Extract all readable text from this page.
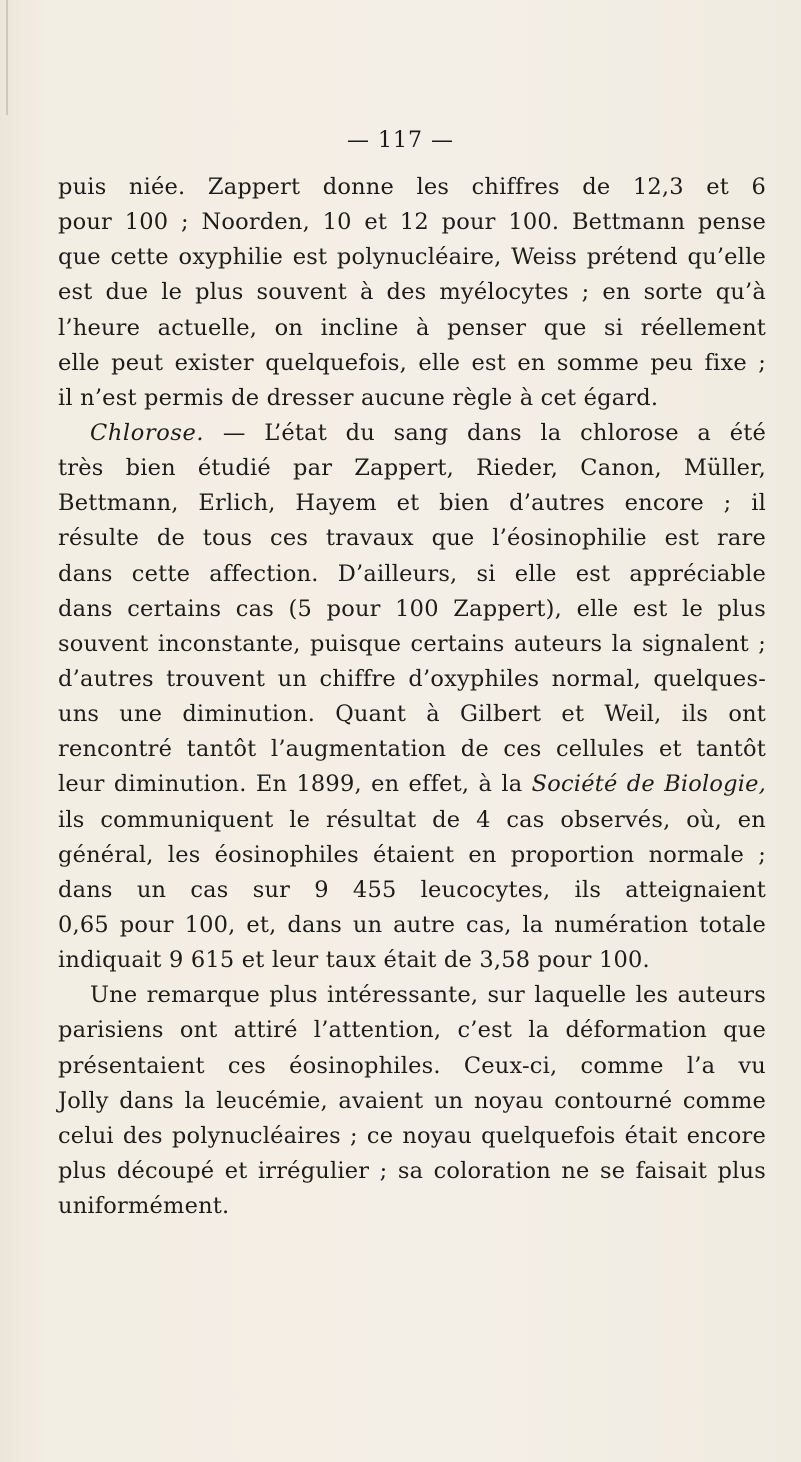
— 117 —
puis niée. Zappert donne les chiffres de 12,3 et 6
pour 100 ; Noorden, 10 et 12 pour 100. Bettmann pense
que cette oxyphilie est polynucléaire, Weiss prétend qu’elle
est due le plus souvent à des myélocytes ; en sorte qu’à
l’heure actuelle, on incline à penser que si réellement
elle peut exister quelquefois, elle est en somme peu fixe ;
il n’est permis de dresser aucune règle à cet égard.
Chlorose. — L’état du sang dans la chlorose a été
très bien étudié par Zappert, Rieder, Canon, Müller,
Bettmann, Erlich, Hayem et bien d’autres encore ; il
résulte de tous ces travaux que l’éosinophilie est rare
dans cette affection. D’ailleurs, si elle est appréciable
dans certains cas (5 pour 100 Zappert), elle est le plus
souvent inconstante, puisque certains auteurs la signalent ;
d’autres trouvent un chiffre d’oxyphiles normal, quelques-
uns une diminution. Quant à Gilbert et Weil, ils ont
rencontré tantôt l’augmentation de ces cellules et tantôt
leur diminution. En 1899, en effet, à la Société de Biologie,
ils communiquent le résultat de 4 cas observés, où, en
général, les éosinophiles étaient en proportion normale ;
dans un cas sur 9 455 leucocytes, ils atteignaient
0,65 pour 100, et, dans un autre cas, la numération totale
indiquait 9 615 et leur taux était de 3,58 pour 100.
Une remarque plus intéressante, sur laquelle les auteurs
parisiens ont attiré l’attention, c’est la déformation que
présentaient ces éosinophiles. Ceux-ci, comme l’a vu
Jolly dans la leucémie, avaient un noyau contourné comme
celui des polynucléaires ; ce noyau quelquefois était encore
plus découpé et irrégulier ; sa coloration ne se faisait plus
uniformément.
